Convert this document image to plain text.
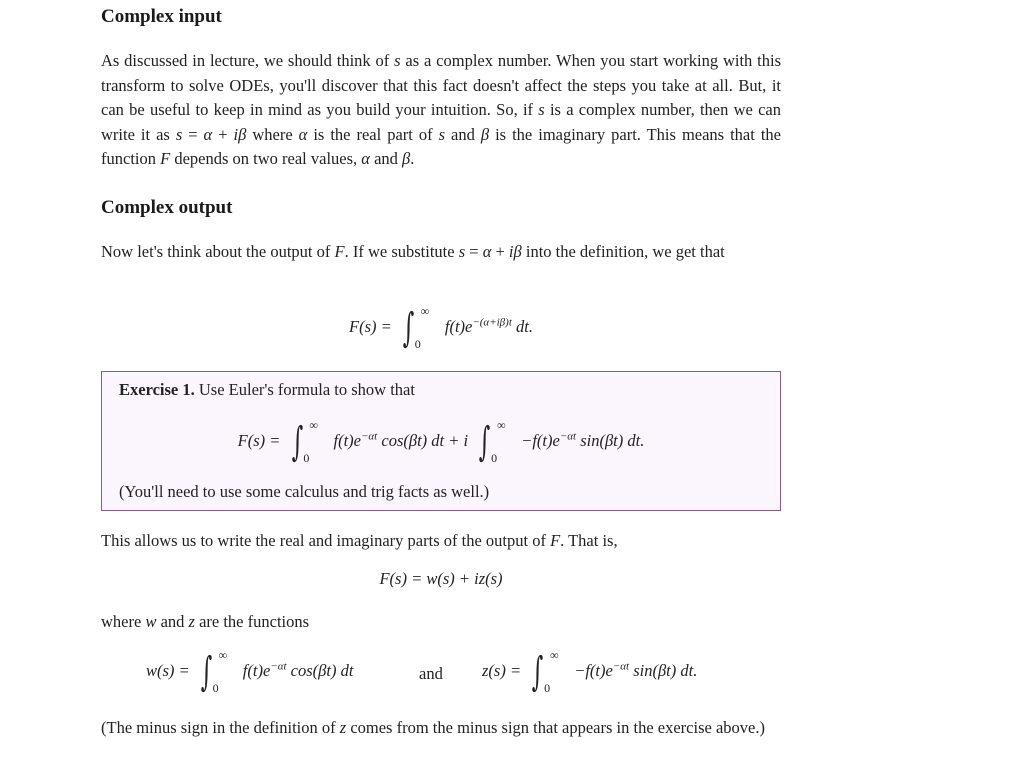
Complex input

As discussed in lecture, we should think of s as a complex number. When you start working with this transform to solve ODEs, you'll discover that this fact doesn't affect the steps you take at all. But, it can be useful to keep in mind as you build your intuition. So, if s is a complex number, then we can write it as s = α + iβ where α is the real part of s and β is the imaginary part. This means that the function F depends on two real values, α and β.

Complex output

Now let's think about the output of F. If we substitute s = α + iβ into the definition, we get that

F(s) = ∫ ∞
0
$f(t)e^{-(\alpha+i\beta)t}$ dt.
Exercise 1. Use Euler's formula to show that
F(s) = ∫ ∞
0
$f(t)e^{-\alpha t}$ cos(βt) dt + i ∫ ∞
0
$-f(t)e^{-\alpha t}$ sin(βt) dt.
(You'll need to use some calculus and trig facts as well.)

This allows us to write the real and imaginary parts of the output of F. That is,

F(s) = w(s) + iz(s)

where w and z are the functions

w(s) = ∫ ∞
0
$f(t)e^{-\alpha t}$ cos(βt) dt	and z(s) = ∫ ∞
0
$-f(t)e^{-\alpha t}$ sin(βt) dt.

(The minus sign in the definition of z comes from the minus sign that appears in the exercise above.)
